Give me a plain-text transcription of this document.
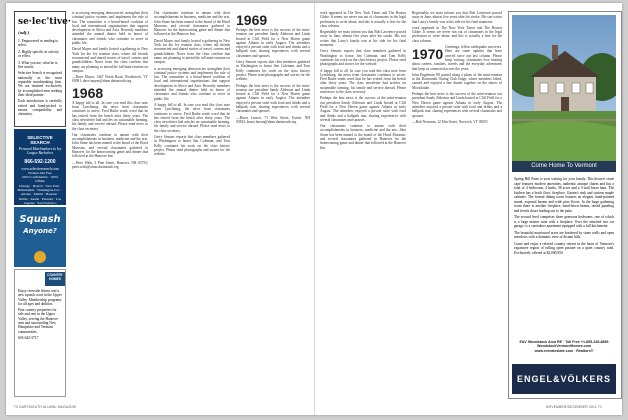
se·lec'tive· (adj.)

1. Empowered or tending to select.

2. Highly specific in activity or effect.

3. What you are, what he is. See search.

Selective Search is recognized nationally as the most reputable matchmaking firm. We are retained exclusively by accomplished men seeking their ideal partner.

Each introduction is carefully vetted and hand-picked to ensure compatibility and chemistry.

SELECTIVE SEARCH
Personal Matchmakers to Ivy League Bachelors
866-592-1200
www.selectivesearch.com
Women Join Free
100% Confidential · 100% Offline
Chicago · Boston · New York · Philadelphia · Washington D.C. · Atlanta · Miami · Houston · Dallas · Austin · Phoenix · Los Angeles · San Francisco
Squash
Anyone?
COUNTRY HOMES

Enjoy riverside fitness and a new squash court in the Upper Valley. Membership programs for all ages and abilities.

Fine country properties for sale and rent in the Upper Valley, serving the Hanover area and surrounding New Hampshire and Vermont communities.

603-643-3717

is accessing emerging democracies strengthen their criminal justice systems and implement the rule of law. The committee is a broad-based coalition of local and international organizations that support development in Africa and Asia. Recently members attended the annual dinner held in honor of classmates and friends who continue to serve in public life.

David Mayer and family hosted a gathering in New York for the Ivy reunion class, where old friends reconnected and shared stories of travel, careers and grandchildren. Notes from the class confirm that many are planning to attend the fall mini-reunion on campus.

—Dave Mayer, 1467 North Road, Woodstock, VT 05091; dave.mayer@alum.dartmouth.org

1968

A happy fall to all. In case you read this class note from Lynchburg, the news from classmates continues to arrive. Fred Ruthe sends word that he has retired from the bench after thirty years. The class newsletter had articles on sustainable farming, his family and service abroad. Please send news to the class secretary.

Our classmates continue to amaze with their accomplishments in business, medicine and the arts. John Stone has been named to the board of the Hood Museum, and several classmates gathered in Hanover for the homecoming game and dinner that followed at the Hanover Inn.

—Peter Waln, 3 Pine Street, Hanover, NH 03755; peter.waln@alum.dartmouth.org

Our classmates continue to amaze with their accomplishments in business, medicine and the arts. John Stone has been named to the board of the Hood Museum, and several classmates gathered in Hanover for the homecoming game and dinner that followed at the Hanover Inn.

David Mayer and family hosted a gathering in New York for the Ivy reunion class, where old friends reconnected and shared stories of travel, careers and grandchildren. Notes from the class confirm that many are planning to attend the fall mini-reunion on campus.

is accessing emerging democracies strengthen their criminal justice systems and implement the rule of law. The committee is a broad-based coalition of local and international organizations that support development in Africa and Asia. Recently members attended the annual dinner held in honor of classmates and friends who continue to serve in public life.

A happy fall to all. In case you read this class note from Lynchburg, the news from classmates continues to arrive. Fred Ruthe sends word that he has retired from the bench after thirty years. The class newsletter had articles on sustainable farming, his family and service abroad. Please send news to the class secretary.

Gerry Simons reports that class members gathered in Washington to honor Jim Coleman, and Tom Kelly continues his work on the class history project. Please send photographs and stories for the website.

1969

Perhaps the best news is the success of the mini-reunion our president Sandy Alderson and Linda hosted at Cliff Field for a New Haven game against Atlanta in early August. The attendees enjoyed a private suite with food and drinks and a ballpark tour, sharing experiences with several classmates and spouses.

Gerry Simons reports that class members gathered in Washington to honor Jim Coleman, and Tom Kelly continues his work on the class history project. Please send photographs and stories for the website.

Perhaps the best news is the success of the mini-reunion our president Sandy Alderson and Linda hosted at Cliff Field for a New Haven game against Atlanta in early August. The attendees enjoyed a private suite with food and drinks and a ballpark tour, sharing experiences with several classmates and spouses.

—Bruce Larson, 71 West Street, Exeter, NH 03833; bruce.larson@alum.dartmouth.org

work appeared in The New York Times and The Boston Globe. It seems we never run out of classmates in the legal profession to write about, and this is actually a first for the class column.

Regrettably we must inform you that Bob Lawrence passed away in June, almost five years after his stroke. His son writes that Larry's family was at his side for his final moments.

Gerry Simons reports that class members gathered in Washington to honor Jim Coleman, and Tom Kelly continues his work on the class history project. Please send photographs and stories for the website.

A happy fall to all. In case you read this class note from Lynchburg, the news from classmates continues to arrive. Fred Ruthe sends word that he has retired from the bench after thirty years. The class newsletter had articles on sustainable farming, his family and service abroad. Please send news to the class secretary.

Perhaps the best news is the success of the mini-reunion our president Sandy Alderson and Linda hosted at Cliff Field for a New Haven game against Atlanta in early August. The attendees enjoyed a private suite with food and drinks and a ballpark tour, sharing experiences with several classmates and spouses.

Our classmates continue to amaze with their accomplishments in business, medicine and the arts. John Stone has been named to the board of the Hood Museum, and several classmates gathered in Hanover for the homecoming game and dinner that followed at the Hanover Inn.

Regrettably we must inform you that Bob Lawrence passed away in June, almost five years after his stroke. His son writes that Larry's family was at his side for his final moments.

work appeared in The New York Times and The Boston Globe. It seems we never run out of classmates in the legal profession to write about, and this is actually a first for the class column.

1970 Greetings, fellow earthquake survivors. Here are some updates that have arrived since our last column. Please keep writing; classmates love hearing about careers, families, travels and the everyday adventures that keep us connected across the years.

John Engelman '68 passed along a photo of the mini-reunion at the Dartmouth Outing Club lodge, where members hiked, canoed and enjoyed a fine dinner together on the shores of Moosilauke.

Perhaps the best news is the success of the mini-reunion our president Sandy Alderson and Linda hosted at Cliff Field for a New Haven game against Atlanta in early August. The attendees enjoyed a private suite with food and drinks and a ballpark tour, sharing experiences with several classmates and spouses.

—Bob Newman, 12 Elm Street, Norwich, VT 05055

Come Home To Vermont

Spring Hill Farm is your waiting for your family. This historic stone cape features modern amenities, authentic antique charm and has a total of 4 bedrooms, 4 baths, 38 acres and a 3-stall horse barn. The kitchen has a brick floor, fireplace, Garam's sink and custom maple cabinets. The formal dining room features an elegant, hand-painted mural, exposed beams and wide pine floors. In the large gathering room there is another fireplace, hand-hewn beams, raised paneling and french doors leading out to the patio.

The second level comprises three generous bedrooms, one of which is a large master suite with a fireplace. Over the attached two car garage, is a caretakers apartment equipped with a full kitchenette.

The beautiful manicured acres are bordered by stone walls and open meadows with a dramatic view of distant hills.

Come and enjoy a relaxed country retreat in the heart of Vermont's expansive region of rolling open pasture on a quiet country road. Exclusively offered at $2,000,950

E&V Woodstock Area RE · Toll Free +1-855-245-8896
WoodstockVermontHomes.com
www.evrealestate.com · Realtors®
ENGEL&VÖLKERS
70 DARTMOUTH ALUMNI MAGAZINE	NOVEMBER/DECEMBER 2011 71
